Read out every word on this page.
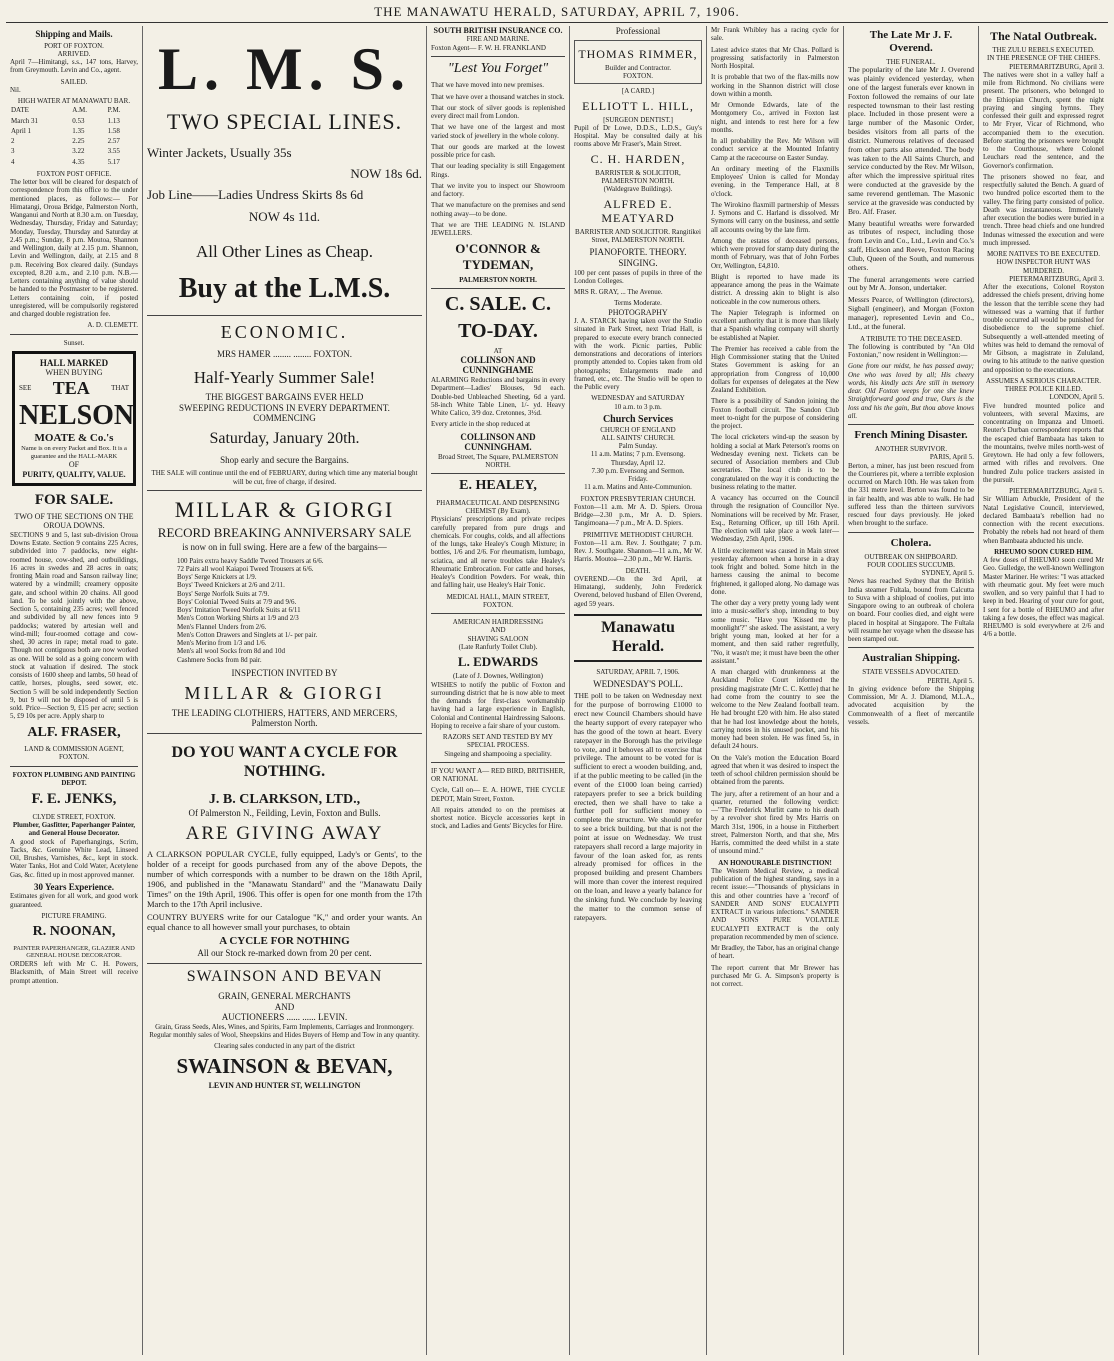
THE MANAWATU HERALD, SATURDAY, APRIL 7, 1906.
Shipping and Mails.
PORT OF FOXTON.
ARRIVED.

April 7—Himitangi, s.s., 147 tons, Harvey, from Greymouth. Levin and Co., agent.

SAILED.

Nil.

HIGH WATER AT MANAWATU BAR.
DATE	A.M.	P.M.
March 31	0.53	1.13
April 1	1.35	1.58
2	2.25	2.57
3	3.22	3.55
4	4.35	5.17
FOXTON POST OFFICE.

The letter box will be cleared for despatch of correspondence from this office to the under mentioned places, as follows:— For Himatangi, Oroua Bridge, Palmerston North, Wanganui and North at 8.30 a.m. on Tuesday, Wednesday, Thursday, Friday and Saturday; Monday, Tuesday, Thursday and Saturday at 2.45 p.m.; Sunday, 8 p.m. Moutoa, Shannon and Wellington, daily at 2.15 p.m. Shannon, Levin and Wellington, daily, at 2.15 and 8 p.m. Receiving Box cleared daily. (Sundays excepted, 8.20 a.m., and 2.10 p.m. N.B.—Letters containing anything of value should be handed to the Postmaster to be registered. Letters containing coin, if posted unregistered, will be compulsorily registered and charged double registration fee.

A. D. CLEMETT.

Sunset.
HALL MARKED
WHEN BUYING
SEE TEA	THAT
NELSON
MOATE & Co.'s
Name is on every Packet and Box. It is a guarantee and the HALL-MARK
OF
PURITY, QUALITY, VALUE.
FOR SALE.
TWO OF THE SECTIONS ON THE OROUA DOWNS.

SECTIONS 9 and 5, last sub-division Oroua Downs Estate. Section 9 contains 225 Acres, subdivided into 7 paddocks, new eight-roomed house, cow-shed, and outbuildings, 16 acres in swedes and 28 acres in oats; fronting Main road and Sanson railway line; watered by a windmill; creamery opposite gate, and school within 20 chains. All good land. To be sold jointly with the above, Section 5, containing 235 acres; well fenced and subdivided by all new fences into 9 paddocks; watered by artesian well and wind-mill; four-roomed cottage and cow-shed, 30 acres in rape; metal road to gate. Though not contiguous both are now worked as one. Will be sold as a going concern with stock at valuation if desired. The stock consists of 1600 sheep and lambs, 50 head of cattle, horses, ploughs, seed sower, etc. Section 5 will be sold independently Section 9, but 9 will not be disposed of until 5 is sold. Price—Section 9, £15 per acre; section 5, £9 10s per acre. Apply sharp to

ALF. FRASER,
LAND & COMMISSION AGENT, FOXTON.
FOXTON PLUMBING AND PAINTING DEPOT.
F. E. JENKS,
CLYDE STREET, FOXTON.
Plumber, Gasfitter, Paperhanger Painter, and General House Decorator.

A good stock of Paperhangings, Scrim, Tacks, &c. Genuine White Lead, Linseed Oil, Brushes, Varnishes, &c., kept in stock. Water Tanks, Hot and Cold Water, Acetylene Gas, &c. fitted up in most approved manner.

30 Years Experience.

Estimates given for all work, and good work guaranteed.

PICTURE FRAMING.
R. NOONAN,
PAINTER PAPERHANGER, GLAZIER AND GENERAL HOUSE DECORATOR.

ORDERS left with Mr C. H. Powers, Blacksmith, of Main Street will receive prompt attention.

L. M. S.
TWO SPECIAL LINES.
Winter Jackets, Usually 35s
NOW 18s 6d.
Job Line——Ladies Undress Skirts 8s 6d
NOW 4s 11d.
All Other Lines as Cheap.
Buy at the L.M.S.
ECONOMIC.
MRS HAMER ........ ........ FOXTON.
Half-Yearly Summer Sale!
THE BIGGEST BARGAINS EVER HELD
SWEEPING REDUCTIONS IN EVERY DEPARTMENT.
COMMENCING
Saturday, January 20th.
Shop early and secure the Bargains.

THE SALE will continue until the end of FEBRUARY, during which time any material bought will be cut, free of charge, if desired.

MILLAR & GIORGI
RECORD BREAKING ANNIVERSARY SALE
is now on in full swing. Here are a few of the bargains—
100 Pairs extra heavy Saddle Tweed Trousers at 6/6.
72 Pairs all wool Kaiapoi Tweed Trousers at 6/6.
Boys' Serge Knickers at 1/9.
Boys' Tweed Knickers at 2/6 and 2/11.
Boys' Serge Norfolk Suits at 7/9.
Boys' Colonial Tweed Suits at 7/9 and 9/6.
Boys' Imitation Tweed Norfolk Suits at 6/11
Men's Cotton Working Shirts at 1/9 and 2/3
Men's Flannel Unders from 2/6.
Men's Cotton Drawers and Singlets at 1/- per pair.
Men's Merino from 1/3 and 1/6.
Men's all wool Socks from 8d and 10d
Cashmere Socks from 8d pair.
INSPECTION INVITED BY
MILLAR & GIORGI
THE LEADING CLOTHIERS, HATTERS, AND MERCERS,
Palmerston North.
DO YOU WANT A CYCLE FOR NOTHING.
J. B. CLARKSON, LTD.,
Of Palmerston N., Feilding, Levin, Foxton and Bulls.
ARE GIVING AWAY

A CLARKSON POPULAR CYCLE, fully equipped, Lady's or Gents', to the holder of a receipt for goods purchased from any of the above Depots, the number of which corresponds with a number to be drawn on the 18th April, 1906, and published in the "Manawatu Standard" and the "Manawatu Daily Times" on the 19th April, 1906. This offer is open for one month from the 17th March to the 17th April inclusive.

COUNTRY BUYERS write for our Catalogue "K," and order your wants. An equal chance to all however small your purchases, to obtain

A CYCLE FOR NOTHING
All our Stock re-marked down from 20 per cent.
SWAINSON AND BEVAN
GRAIN, GENERAL MERCHANTS
AND
AUCTIONEERS ...... ...... LEVIN.

Grain, Grass Seeds, Ales, Wines, and Spirits, Farm Implements, Carriages and Ironmongery. Regular monthly sales of Wool, Sheepskins and Hides Buyers of Hemp and Tow in any quantity.

Clearing sales conducted in any part of the district
SWAINSON & BEVAN,
LEVIN AND HUNTER ST, WELLINGTON
SOUTH BRITISH INSURANCE CO.
FIRE AND MARINE.

Foxton Agent— F. W. H. FRANKLAND

"Lest You Forget"

That we have moved into new premises.

That we have over a thousand watches in stock.

That our stock of silver goods is replenished every direct mail from London.

That we have one of the largest and most varied stock of jewellery in the whole colony.

That our goods are marked at the lowest possible price for cash.

That our leading speciality is still Engagement Rings.

That we invite you to inspect our Showroom and factory.

That we manufacture on the premises and send nothing away—to be done.

That we are THE LEADING N. ISLAND JEWELLERS.

O'CONNOR & TYDEMAN,
PALMERSTON NORTH.
C. SALE. C.
TO-DAY.
AT
COLLINSON AND CUNNINGHAME

ALARMING Reductions and bargains in every Department—Ladies' Blouses, 9d each. Double-bed Unbleached Sheeting, 6d a yard. 58-inch White Table Linen, 1/- yd. Heavy White Calico, 3/9 doz. Cretonnes, 3½d.

Every article in the shop reduced at

COLLINSON AND CUNNINGHAM.
Broad Street, The Square, PALMERSTON NORTH.
E. HEALEY,
PHARMACEUTICAL AND DISPENSING CHEMIST (By Exam).

Physicians' prescriptions and private recipes carefully prepared from pure drugs and chemicals. For coughs, colds, and all affections of the lungs, take Healey's Cough Mixture; in bottles, 1/6 and 2/6. For rheumatism, lumbago, sciatica, and all nerve troubles take Healey's Rheumatic Embrocation. For cattle and horses, Healey's Condition Powders. For weak, thin and falling hair, use Healey's Hair Tonic.

MEDICAL HALL, MAIN STREET, FOXTON.
AMERICAN HAIRDRESSING
AND
SHAVING SALOON
(Late Ranfurly Toilet Club).
L. EDWARDS
(Late of J. Downes, Wellington)

WISHES to notify the public of Foxton and surrounding district that he is now able to meet the demands for first-class workmanship having had a large experience in English, Colonial and Continental Hairdressing Saloons. Hoping to receive a fair share of your custom.

RAZORS SET AND TESTED BY MY SPECIAL PROCESS.
Singeing and shampooing a speciality.

IF YOU WANT A— RED BIRD, BRITISHER, OR NATIONAL

Cycle, Call on— E. A. HOWE, THE CYCLE DEPOT, Main Street, Foxton.

All repairs attended to on the premises at shortest notice. Bicycle accessories kept in stock, and Ladies and Gents' Bicycles for Hire.

Professional
THOMAS RIMMER,
Builder and Contractor.
FOXTON.
[A CARD.]
ELLIOTT L. HILL,
[SURGEON DENTIST.]

Pupil of Dr Lowe, D.D.S., L.D.S., Guy's Hospital. May be consulted daily at his rooms above Mr Fraser's, Main Street.

C. H. HARDEN,
BARRISTER & SOLICITOR, PALMERSTON NORTH.
(Waldegrave Buildings).
ALFRED E. MEATYARD
BARRISTER AND SOLICITOR. Rangitikei Street, PALMERSTON NORTH.
PIANOFORTE. THEORY. SINGING.

100 per cent passes of pupils in three of the London Colleges.

MRS R. GRAY, ... The Avenue.

Terms Moderate.
PHOTOGRAPHY

J. A. STARCK having taken over the Studio situated in Park Street, next Triad Hall, is prepared to execute every branch connected with the work. Picnic parties, Public demonstrations and decorations of interiors promptly attended to. Copies taken from old photographs; Enlargements made and framed, etc., etc. The Studio will be open to the Public every

WEDNESDAY and SATURDAY
10 a.m. to 3 p.m.
Church Services
CHURCH OF ENGLAND
ALL SAINTS' CHURCH.
Palm Sunday.
11 a.m. Matins; 7 p.m. Evensong.
Thursday, April 12.
7.30 p.m. Evensong and Sermon.
Friday.
11 a.m. Matins and Ante-Communion.
FOXTON PRESBYTERIAN CHURCH.

Foxton—11 a.m. Mr A. D. Spiers. Oroua Bridge—2.30 p.m., Mr A. D. Spiers. Tangimoana—7 p.m., Mr A. D. Spiers.

PRIMITIVE METHODIST CHURCH.

Foxton—11 a.m. Rev. J. Southgate; 7 p.m. Rev. J. Southgate. Shannon—11 a.m., Mr W. Harris. Moutoa—2.30 p.m., Mr W. Harris.

DEATH.

OVEREND.—On the 3rd April, at Himatangi, suddenly, John Frederick Overend, beloved husband of Ellen Overend, aged 59 years.

Manawatu Herald.
SATURDAY, APRIL 7, 1906.
WEDNESDAY'S POLL.

THE poll to be taken on Wednesday next for the purpose of borrowing £1000 to erect new Council Chambers should have the hearty support of every ratepayer who has the good of the town at heart. Every ratepayer in the Borough has the privilege to vote, and it behoves all to exercise that privilege. The amount to be voted for is sufficient to erect a wooden building, and, if at the public meeting to be called (in the event of the £1000 loan being carried) ratepayers prefer to see a brick building erected, then we shall have to take a further poll for sufficient money to complete the structure. We should prefer to see a brick building, but that is not the point at issue on Wednesday. We trust ratepayers shall record a large majority in favour of the loan asked for, as rents already promised for offices in the proposed building and present Chambers will more than cover the interest required on the loan, and leave a yearly balance for the sinking fund. We conclude by leaving the matter to the common sense of ratepayers.

Mr Frank Whibley has a racing cycle for sale.

Latest advice states that Mr Chas. Pollard is progressing satisfactorily in Palmerston North Hospital.

It is probable that two of the flax-mills now working in the Shannon district will close down within a month.

Mr Ormonde Edwards, late of the Montgomery Co., arrived in Foxton last night, and intends to rest here for a few months.

In all probability the Rev. Mr Wilson will conduct service at the Mounted Infantry Camp at the racecourse on Easter Sunday.

An ordinary meeting of the Flaxmills Employees' Union is called for Monday evening, in the Temperance Hall, at 8 o'clock.

The Wirokino flaxmill partnership of Messrs J. Symons and C. Harland is dissolved. Mr Symons will carry on the business, and settle all accounts owing by the late firm.

Among the estates of deceased persons, which were proved for stamp duty during the month of February, was that of John Forbes Orr, Wellington, £4,810.

Blight is reported to have made its appearance among the peas in the Waimate district. A dressing akin to blight is also noticeable in the cow numerous others.

The Napier Telegraph is informed on excellent authority that it is more than likely that a Spanish whaling company will shortly be established at Napier.

The Premier has received a cable from the High Commissioner stating that the United States Government is asking for an appropriation from Congress of 10,000 dollars for expenses of delegates at the New Zealand Exhibition.

There is a possibility of Sandon joining the Foxton football circuit. The Sandon Club meet to-night for the purpose of considering the project.

The local cricketers wind-up the season by holding a social at Mark Peterson's rooms on Wednesday evening next. Tickets can be secured of Association members and Club secretaries. The local club is to be congratulated on the way it is conducting the business relating to the matter.

A vacancy has occurred on the Council through the resignation of Councillor Nye. Nominations will be received by Mr. Fraser, Esq., Returning Officer, up till 16th April. The election will take place a week later—Wednesday, 25th April, 1906.

A little excitement was caused in Main street yesterday afternoon when a horse in a dray took fright and bolted. Some hitch in the harness causing the animal to become frightened, it galloped along. No damage was done.

The other day a very pretty young lady went into a music-seller's shop, intending to buy some music. "Have you 'Kissed me by moonlight'?" she asked. The assistant, a very bright young man, looked at her for a moment, and then said rather regretfully, "No, it wasn't me; it must have been the other assistant."

A man charged with drunkenness at the Auckland Police Court informed the presiding magistrate (Mr C. C. Kettle) that he had come from the country to see the welcome to the New Zealand football team. He had brought £20 with him. He also stated that he had lost knowledge about the hotels, carrying notes in his unused pocket, and his money had been stolen. He was fined 5s, in default 24 hours.

On the Vale's motion the Education Board agreed that when it was desired to inspect the teeth of school children permission should be obtained from the parents.

The jury, after a retirement of an hour and a quarter, returned the following verdict:—"The Frederick Murlitt came to his death by a revolver shot fired by Mrs Harris on March 31st, 1906, in a house in Fitzherbert street, Palmerston North, and that she, Mrs Harris, committed the deed whilst in a state of unsound mind."

AN HONOURABLE DISTINCTION!

The Western Medical Review, a medical publication of the highest standing, says in a recent issue:—"Thousands of physicians in this and other countries have a 'record' of SANDER AND SONS' EUCALYPTI EXTRACT in various infections." SANDER AND SONS PURE VOLATILE EUCALYPTI EXTRACT is the only preparation recommended by men of science.

Mr Bradley, the Tabor, has an original change of heart.

The report current that Mr Brewer has purchased Mr G. A. Simpson's property is not correct.

The Late Mr J. F. Overend.
THE FUNERAL.

The popularity of the late Mr J. Overend was plainly evidenced yesterday, when one of the largest funerals ever known in Foxton followed the remains of our late respected townsman to their last resting place. Included in those present were a large number of the Masonic Order, besides visitors from all parts of the district. Numerous relatives of deceased from other parts also attended. The body was taken to the All Saints Church, and service conducted by the Rev. Mr Wilson, after which the impressive spiritual rites were conducted at the graveside by the same reverend gentleman. The Masonic service at the graveside was conducted by Bro. Alf. Fraser.

Many beautiful wreaths were forwarded as tributes of respect, including those from Levin and Co., Ltd., Levin and Co.'s staff, Hickson and Reeve, Foxton Racing Club, Queen of the South, and numerous others.

The funeral arrangements were carried out by Mr A. Jonson, undertaker.

Messrs Pearce, of Wellington (directors), Sigball (engineer), and Morgan (Foxton manager), represented Levin and Co., Ltd., at the funeral.

A TRIBUTE TO THE DECEASED.

The following is contributed by "An Old Foxtonian," now resident in Wellington:—

Gone from our midst, he has passed away; One who was loved by all; His cheery words, his kindly acts Are still in memory dear. Old Foxton weeps for one she knew Straightforward good and true, Ours is the loss and his the gain, But thou above knows all.

French Mining Disaster.
ANOTHER SURVIVOR.
PARIS, April 5.

Berton, a miner, has just been rescued from the Courrieres pit, where a terrible explosion occurred on March 10th. He was taken from the 331 metre level. Berton was found to be in fair health, and was able to walk. He had suffered less than the thirteen survivors rescued four days previously. He joked when brought to the surface.

Cholera.
OUTBREAK ON SHIPBOARD.
FOUR COOLIES SUCCUMB.
SYDNEY, April 5.

News has reached Sydney that the British India steamer Fultala, bound from Calcutta to Suva with a shipload of coolies, put into Singapore owing to an outbreak of cholera on board. Four coolies died, and eight were placed in hospital at Singapore. The Fultala will resume her voyage when the disease has been stamped out.

Australian Shipping.
STATE VESSELS ADVOCATED.
PERTH, April 5.

In giving evidence before the Shipping Commission, Mr A. J. Diamond, M.L.A., advocated acquisition by the Commonwealth of a fleet of mercantile vessels.

The Natal Outbreak.
THE ZULU REBELS EXECUTED.
IN THE PRESENCE OF THE CHIEFS.
PIETERMARITZBURG, April 3.

The natives were shot in a valley half a mile from Richmond. No civilians were present. The prisoners, who belonged to the Ethiopian Church, spent the night praying and singing hymns. They confessed their guilt and expressed regret to Mr Fryer, Vicar of Richmond, who accompanied them to the execution. Before starting the prisoners were brought to the Courthouse, where Colonel Leuchars read the sentence, and the Governor's confirmation.

The prisoners showed no fear, and respectfully saluted the Bench. A guard of two hundred police escorted them to the valley. The firing party consisted of police. Death was instantaneous. Immediately after execution the bodies were buried in a trench. Three head chiefs and one hundred Indunas witnessed the execution and were much impressed.

MORE NATIVES TO BE EXECUTED.
HOW INSPECTOR HUNT WAS MURDERED.
PIETERMARITZBURG, April 3.

After the executions, Colonel Royston addressed the chiefs present, driving home the lesson that the terrible scene they had witnessed was a warning that if further trouble occurred all would be punished for disobedience to the supreme chief. Subsequently a well-attended meeting of whites was held to demand the removal of Mr Gibson, a magistrate in Zululand, owing to his attitude to the native question and opposition to the executions.

ASSUMES A SERIOUS CHARACTER.
THREE POLICE KILLED.
LONDON, April 5.

Five hundred mounted police and volunteers, with several Maxims, are concentrating on Impanza and Umoeti. Reuter's Durban correspondent reports that the escaped chief Bambaata has taken to the mountains, twelve miles north-west of Greytown. He had only a few followers, armed with rifles and revolvers. One hundred Zulu police trackers assisted in the pursuit.

PIETERMARITZBURG, April 5.

Sir William Arbuckle, President of the Natal Legislative Council, interviewed, declared Bambaata's rebellion had no connection with the recent executions. Probably the rebels had not heard of them when Bambaata abducted his uncle.

RHEUMO SOON CURED HIM.

A few doses of RHEUMO soon cured Mr Geo. Gulledge, the well-known Wellington Master Mariner. He writes: "I was attacked with rheumatic gout. My feet were much swollen, and so very painful that I had to keep in bed. Hearing of your cure for gout, I sent for a bottle of RHEUMO and after taking a few doses, the effect was magical. RHEUMO is sold everywhere at 2/6 and 4/6 a bottle.
